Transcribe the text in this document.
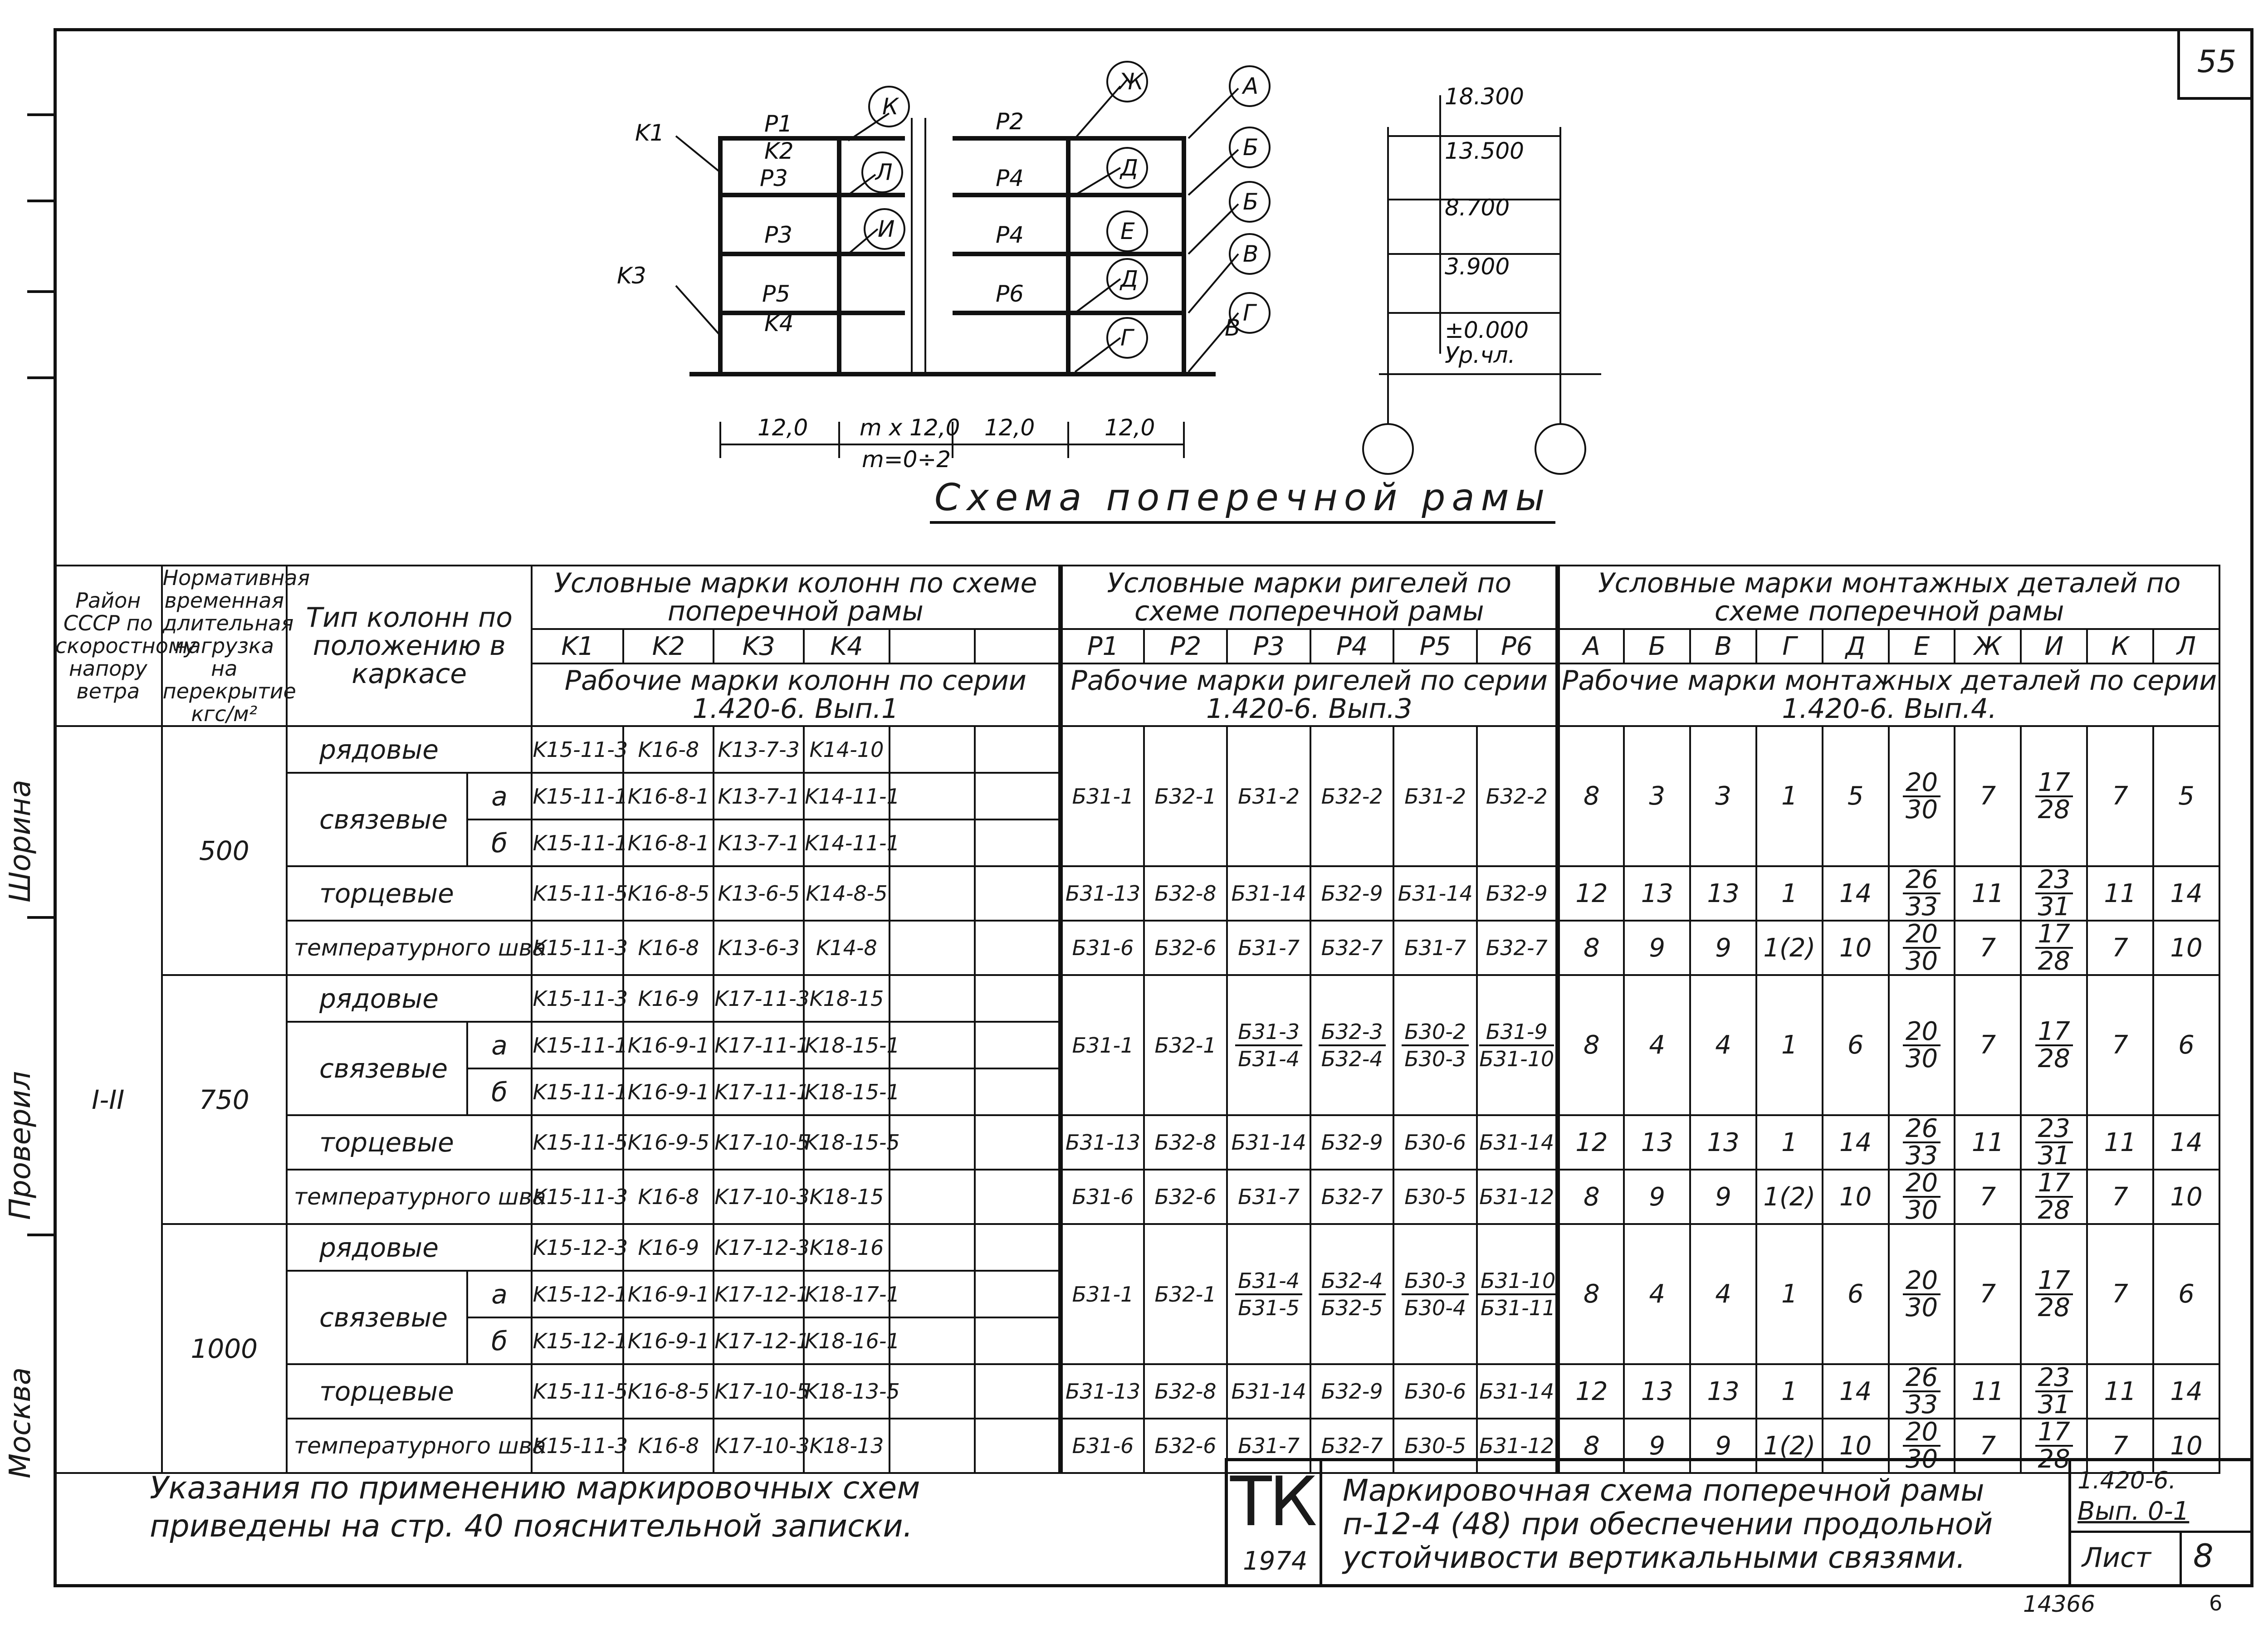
55
Шорина
Проверил
Москва
K1
K3
P1
K2
P3
P3
P5
K4
P2
P4
P4
P6
К
Л
И
Ж
Д
Е
Д
Г
А
Б
Б
В
В
Г
12,0 m x 12,0 12,0	12,0
m=0÷2
18.300
13.500
8.700
3.900
±0.000
Ур.чл.
Схема поперечной рамы
Район СССР по скоростному напору ветра	Нормативная временная длительная нагрузка на перекрытие кгс/м²	Тип колонн по положению в каркасе		Условные марки колонн по схеме поперечной рамы						Условные марки ригелей по схеме поперечной рамы						Условные марки монтажных деталей по схеме поперечной рамы									
				K1	K2	K3	K4			P1	P2	P3	P4	P5	P6	А	Б	В	Г	Д	Е	Ж	И	К	Л
				Рабочие марки колонн по серии 1.420-6. Вып.1						Рабочие марки ригелей по серии 1.420-6. Вып.3						Рабочие марки монтажных деталей по серии 1.420-6. Вып.4.									
I-II	500	рядовые		K15-11-3	K16-8	K13-7-3	K14-10			Б31-1	Б32-1	Б31-2	Б32-2	Б31-2	Б32-2	8	3	3	1	5	$\frac{20}{30}$	7	$\frac{17}{28}$	7	5
		связевые	а	K15-11-1	K16-8-1	K13-7-1	K14-11-1																		
			б	K15-11-1	K16-8-1	K13-7-1	K14-11-1																		
		торцевые		K15-11-5	K16-8-5	K13-6-5	K14-8-5			Б31-13	Б32-8	Б31-14	Б32-9	Б31-14	Б32-9	12	13	13	1	14	$\frac{26}{33}$	11	$\frac{23}{31}$	11	14
		температурного шва		K15-11-3	K16-8	K13-6-3	K14-8			Б31-6	Б32-6	Б31-7	Б32-7	Б31-7	Б32-7	8	9	9	1(2)	10	$\frac{20}{30}$	7	$\frac{17}{28}$	7	10
	750	рядовые		K15-11-3	K16-9	K17-11-3	K18-15			Б31-1	Б32-1	$\frac{Б31-3}{Б31-4}$	$\frac{Б32-3}{Б32-4}$	$\frac{Б30-2}{Б30-3}$	$\frac{Б31-9}{Б31-10}$	8	4	4	1	6	$\frac{20}{30}$	7	$\frac{17}{28}$	7	6
		связевые	а	K15-11-1	K16-9-1	K17-11-1	K18-15-1																		
			б	K15-11-1	K16-9-1	K17-11-1	K18-15-1																		
		торцевые		K15-11-5	K16-9-5	K17-10-5	K18-15-5			Б31-13	Б32-8	Б31-14	Б32-9	Б30-6	Б31-14	12	13	13	1	14	$\frac{26}{33}$	11	$\frac{23}{31}$	11	14
		температурного шва		K15-11-3	K16-8	K17-10-3	K18-15			Б31-6	Б32-6	Б31-7	Б32-7	Б30-5	Б31-12	8	9	9	1(2)	10	$\frac{20}{30}$	7	$\frac{17}{28}$	7	10
	1000	рядовые		K15-12-3	K16-9	K17-12-3	K18-16			Б31-1	Б32-1	$\frac{Б31-4}{Б31-5}$	$\frac{Б32-4}{Б32-5}$	$\frac{Б30-3}{Б30-4}$	$\frac{Б31-10}{Б31-11}$	8	4	4	1	6	$\frac{20}{30}$	7	$\frac{17}{28}$	7	6
		связевые	а	K15-12-1	K16-9-1	K17-12-1	K18-17-1																		
			б	K15-12-1	K16-9-1	K17-12-1	K18-16-1																		
		торцевые		K15-11-5	K16-8-5	K17-10-5	K18-13-5			Б31-13	Б32-8	Б31-14	Б32-9	Б30-6	Б31-14	12	13	13	1	14	$\frac{26}{33}$	11	$\frac{23}{31}$	11	14
		температурного шва		K15-11-3	K16-8	K17-10-3	K18-13			Б31-6	Б32-6	Б31-7	Б32-7	Б30-5	Б31-12	8	9	9	1(2)	10	$\frac{20}{30}$	7	$\frac{17}{28}$	7	10
Указания по применению маркировочных схем
приведены на стр. 40 пояснительной записки.	ТК
1974
Маркировочная схема поперечной рамы
п-12-4 (48) при обеспечении продольной
устойчивости вертикальными связями.
1.420-6.
Вып. 0-1
Лист 8
14366	6
